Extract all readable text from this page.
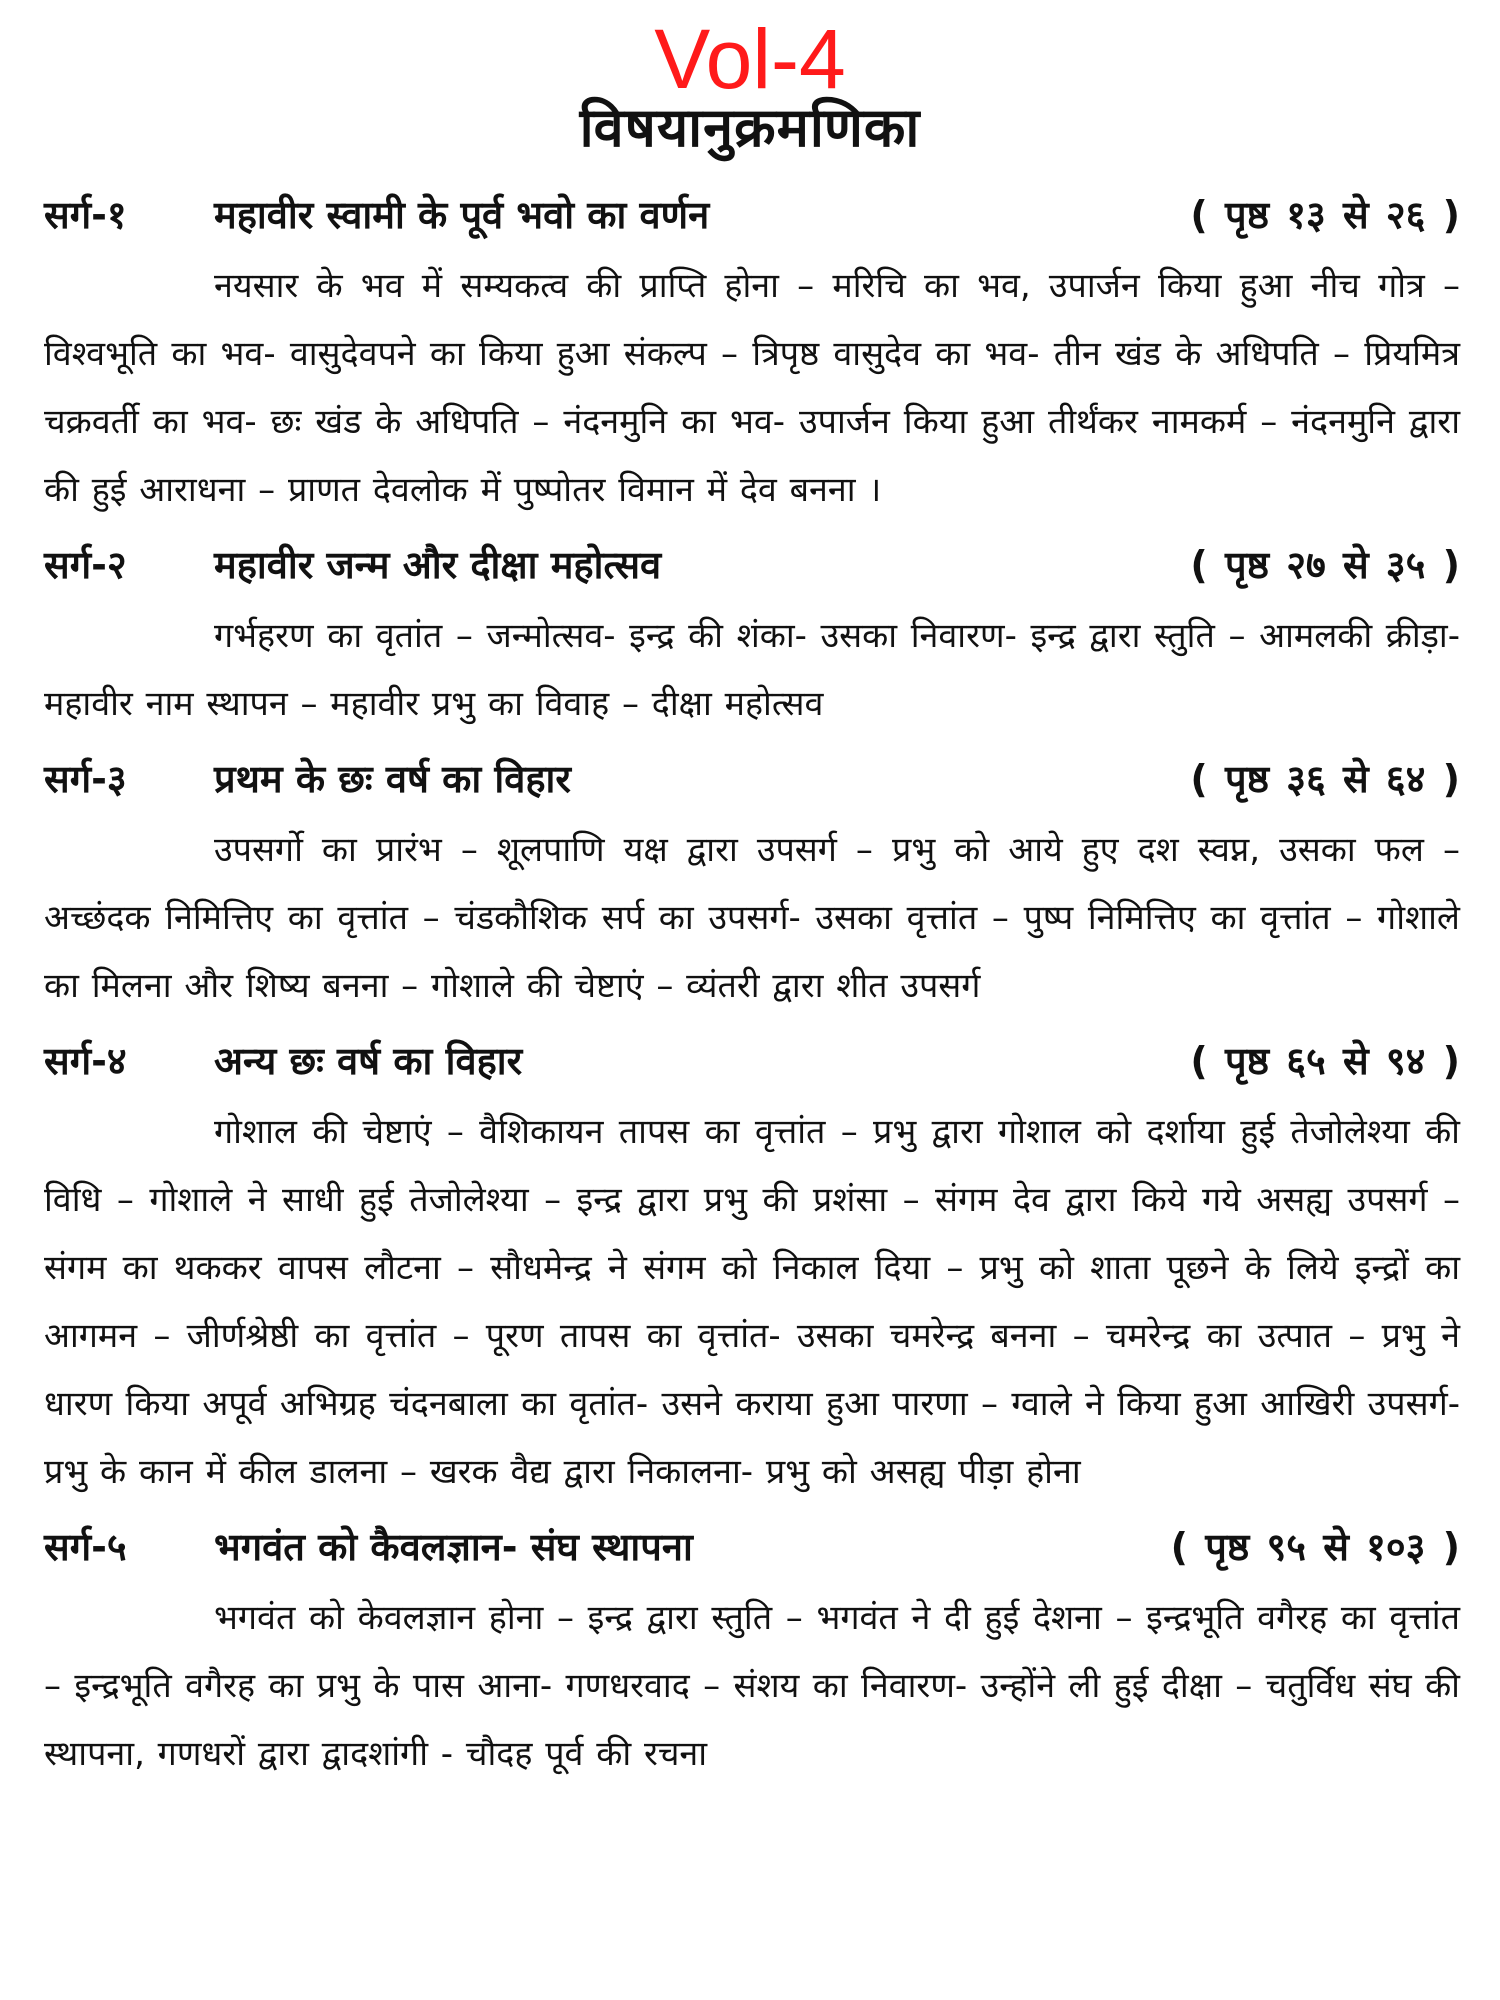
Vol-4
विषयानुक्रमणिका
सर्ग-१	महावीर स्वामी के पूर्व भवो का वर्णन	( पृष्ठ १३ से २६ )

नयसार के भव में सम्यकत्व की प्राप्ति होना – मरिचि का भव, उपार्जन किया हुआ नीच गोत्र – विश्वभूति का भव- वासुदेवपने का किया हुआ संकल्प – त्रिपृष्ठ वासुदेव का भव- तीन खंड के अधिपति – प्रियमित्र चक्रवर्ती का भव- छः खंड के अधिपति – नंदनमुनि का भव- उपार्जन किया हुआ तीर्थंकर नामकर्म – नंदनमुनि द्वारा की हुई आराधना – प्राणत देवलोक में पुष्पोतर विमान में देव बनना ।

सर्ग-२	महावीर जन्म और दीक्षा महोत्सव	( पृष्ठ २७ से ३५ )

गर्भहरण का वृतांत – जन्मोत्सव- इन्द्र की शंका- उसका निवारण- इन्द्र द्वारा स्तुति – आमलकी क्रीड़ा- महावीर नाम स्थापन – महावीर प्रभु का विवाह – दीक्षा महोत्सव

सर्ग-३	प्रथम के छः वर्ष का विहार	( पृष्ठ ३६ से ६४ )

उपसर्गो का प्रारंभ – शूलपाणि यक्ष द्वारा उपसर्ग – प्रभु को आये हुए दश स्वप्न, उसका फल – अच्छंदक निमित्तिए का वृत्तांत – चंडकौशिक सर्प का उपसर्ग- उसका वृत्तांत – पुष्प निमित्तिए का वृत्तांत – गोशाले का मिलना और शिष्य बनना – गोशाले की चेष्टाएं – व्यंतरी द्वारा शीत उपसर्ग

सर्ग-४	अन्य छः वर्ष का विहार	( पृष्ठ ६५ से ९४ )

गोशाल की चेष्टाएं – वैशिकायन तापस का वृत्तांत – प्रभु द्वारा गोशाल को दर्शाया हुई तेजोलेश्या की विधि – गोशाले ने साधी हुई तेजोलेश्या – इन्द्र द्वारा प्रभु की प्रशंसा – संगम देव द्वारा किये गये असह्य उपसर्ग – संगम का थककर वापस लौटना – सौधमेन्द्र ने संगम को निकाल दिया – प्रभु को शाता पूछने के लिये इन्द्रों का आगमन – जीर्णश्रेष्ठी का वृत्तांत – पूरण तापस का वृत्तांत- उसका चमरेन्द्र बनना – चमरेन्द्र का उत्पात – प्रभु ने धारण किया अपूर्व अभिग्रह चंदनबाला का वृतांत- उसने कराया हुआ पारणा – ग्वाले ने किया हुआ आखिरी उपसर्ग- प्रभु के कान में कील डालना – खरक वैद्य द्वारा निकालना- प्रभु को असह्य पीड़ा होना

सर्ग-५	भगवंत को कैवलज्ञान- संघ स्थापना	( पृष्ठ ९५ से १०३ )

भगवंत को केवलज्ञान होना – इन्द्र द्वारा स्तुति – भगवंत ने दी हुई देशना – इन्द्रभूति वगैरह का वृत्तांत – इन्द्रभूति वगैरह का प्रभु के पास आना- गणधरवाद – संशय का निवारण- उन्होंने ली हुई दीक्षा – चतुर्विध संघ की स्थापना, गणधरों द्वारा द्वादशांगी - चौदह पूर्व की रचना
